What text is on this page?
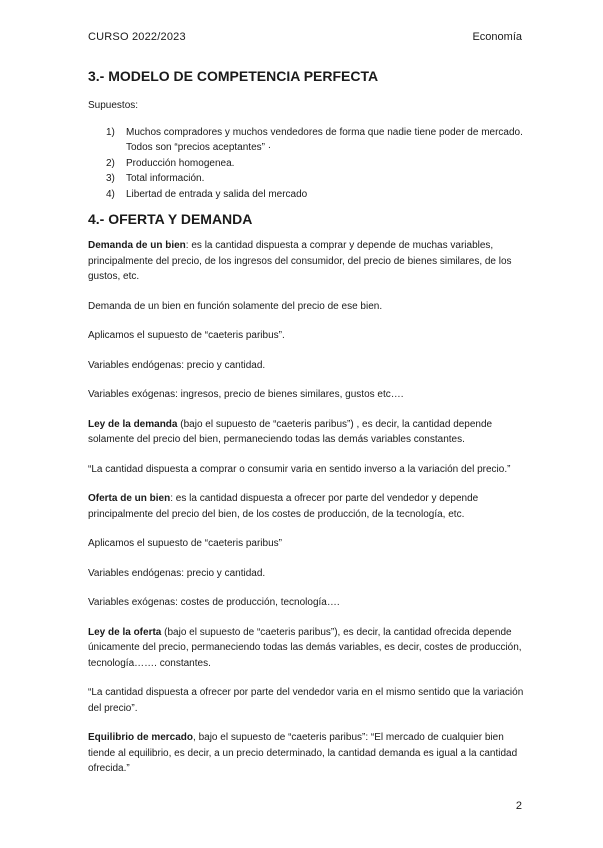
CURSO 2022/2023	Economía
3.- MODELO DE COMPETENCIA PERFECTA

Supuestos:

1) Muchos compradores y muchos vendedores de forma que nadie tiene poder de mercado. Todos son “precios aceptantes” ·
2) Producción homogenea.
3) Total información.
4) Libertad de entrada y salida del mercado
4.- OFERTA Y DEMANDA

Demanda de un bien: es la cantidad dispuesta a comprar y depende de muchas variables, principalmente del precio, de los ingresos del consumidor, del precio de bienes similares, de los gustos, etc.

Demanda de un bien en función solamente del precio de ese bien.

Aplicamos el supuesto de “caeteris paribus”.

Variables endógenas: precio y cantidad.

Variables exógenas: ingresos, precio de bienes similares, gustos etc….

Ley de la demanda (bajo el supuesto de “caeteris paribus”) , es decir, la cantidad depende solamente del precio del bien, permaneciendo todas las demás variables constantes.

“La cantidad dispuesta a comprar o consumir varia en sentido inverso a la variación del precio.”

Oferta de un bien: es la cantidad dispuesta a ofrecer por parte del vendedor y depende principalmente del precio del bien, de los costes de producción, de la tecnología, etc.

Aplicamos el supuesto de “caeteris paribus”

Variables endógenas: precio y cantidad.

Variables exógenas: costes de producción, tecnología….

Ley de la oferta (bajo el supuesto de “caeteris paribus”), es decir, la cantidad ofrecida depende únicamente del precio, permaneciendo todas las demás variables, es decir, costes de producción, tecnología……. constantes.

“La cantidad dispuesta a ofrecer por parte del vendedor varia en el mismo sentido que la variación del precio”.

Equilibrio de mercado, bajo el supuesto de “caeteris paribus”: “El mercado de cualquier bien tiende al equilibrio, es decir, a un precio determinado, la cantidad demanda es igual a la cantidad ofrecida.”

2
